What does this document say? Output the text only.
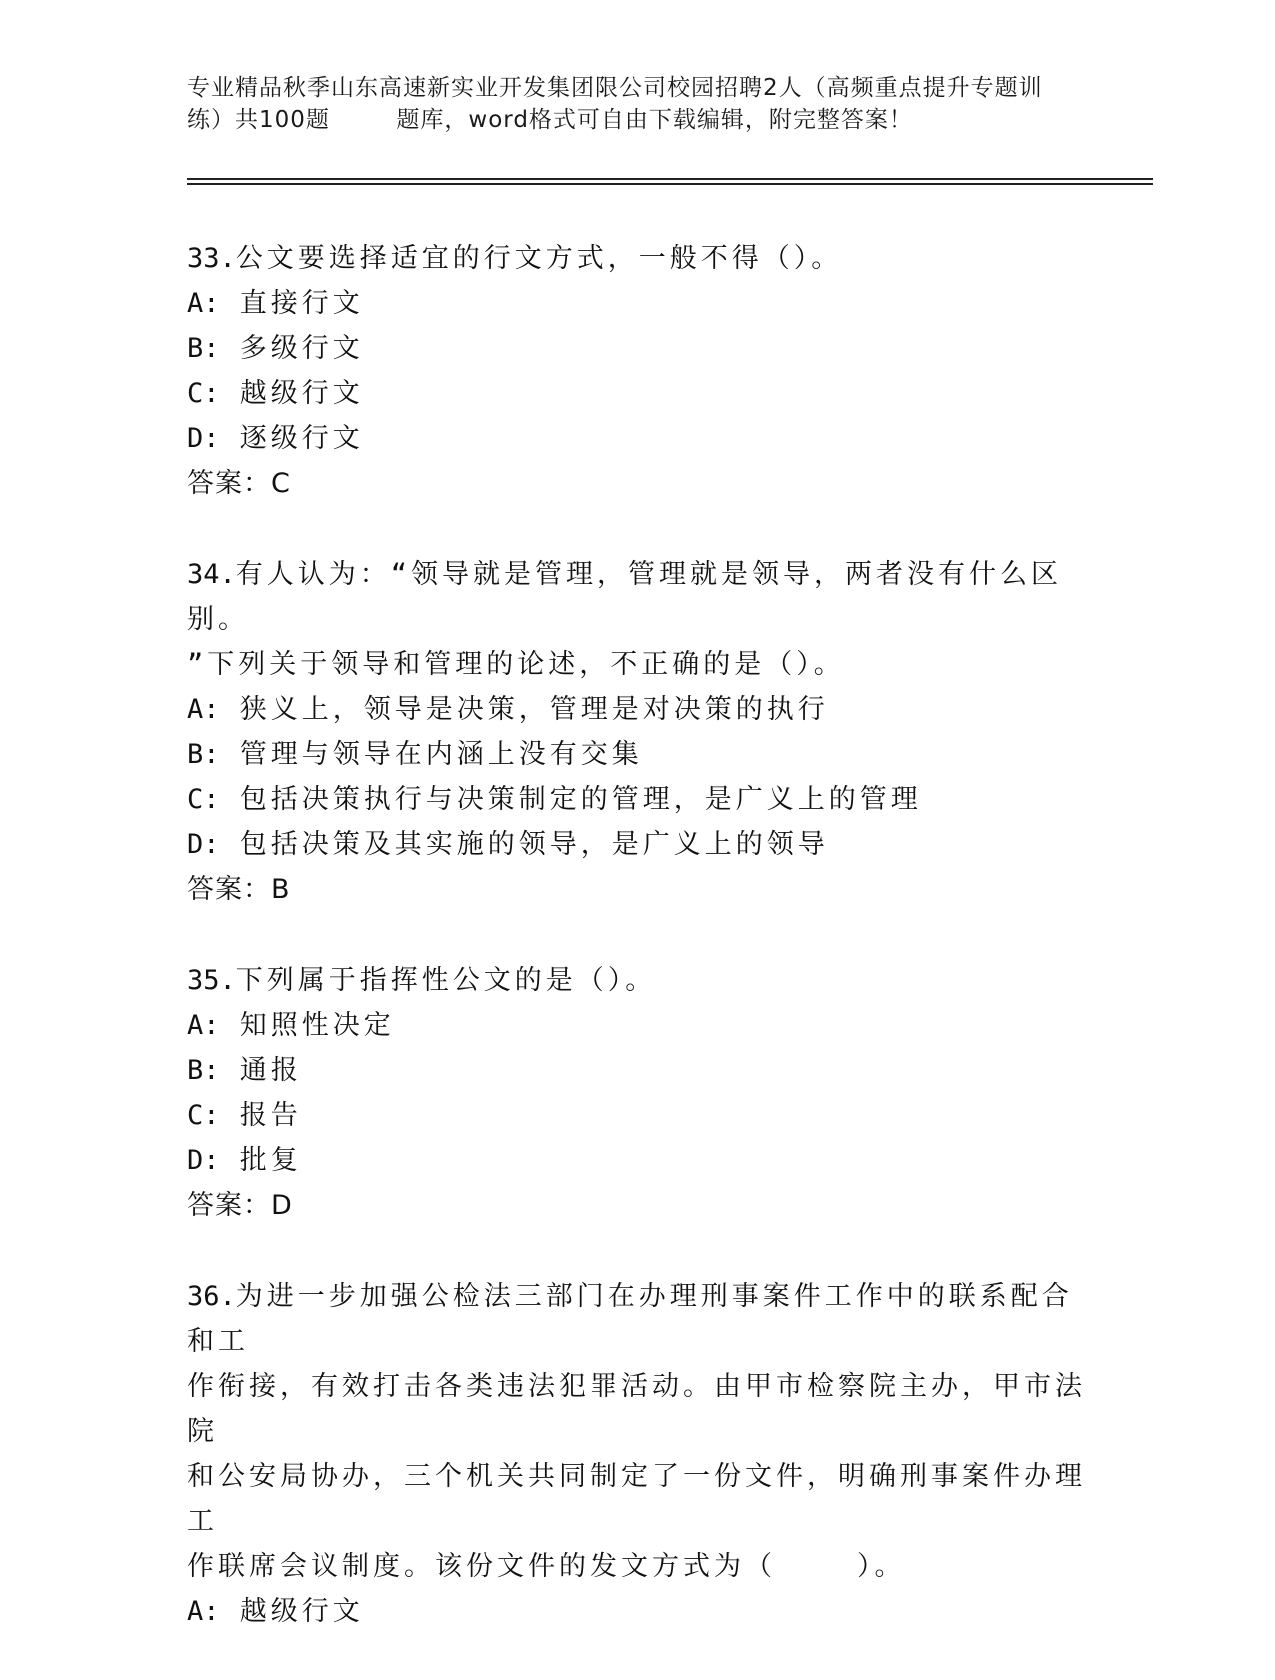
专业精品秋季山东高速新实业开发集团限公司校园招聘2人（高频重点提升专题训
练）共100题        题库，word格式可自由下载编辑，附完整答案！
33.公文要选择适宜的行文方式，一般不得（）。
A: 直接行文
B: 多级行文
C: 越级行文
D: 逐级行文
答案：C
34.有人认为：“领导就是管理，管理就是领导，两者没有什么区别。
”下列关于领导和管理的论述，不正确的是（）。
A: 狭义上，领导是决策，管理是对决策的执行
B: 管理与领导在内涵上没有交集
C: 包括决策执行与决策制定的管理，是广义上的管理
D: 包括决策及其实施的领导，是广义上的领导
答案：B
35.下列属于指挥性公文的是（）。
A: 知照性决定
B: 通报
C: 报告
D: 批复
答案：D
36.为进一步加强公检法三部门在办理刑事案件工作中的联系配合和工
作衔接，有效打击各类违法犯罪活动。由甲市检察院主办，甲市法院
和公安局协办，三个机关共同制定了一份文件，明确刑事案件办理工
作联席会议制度。该份文件的发文方式为（    ）。
A: 越级行文
